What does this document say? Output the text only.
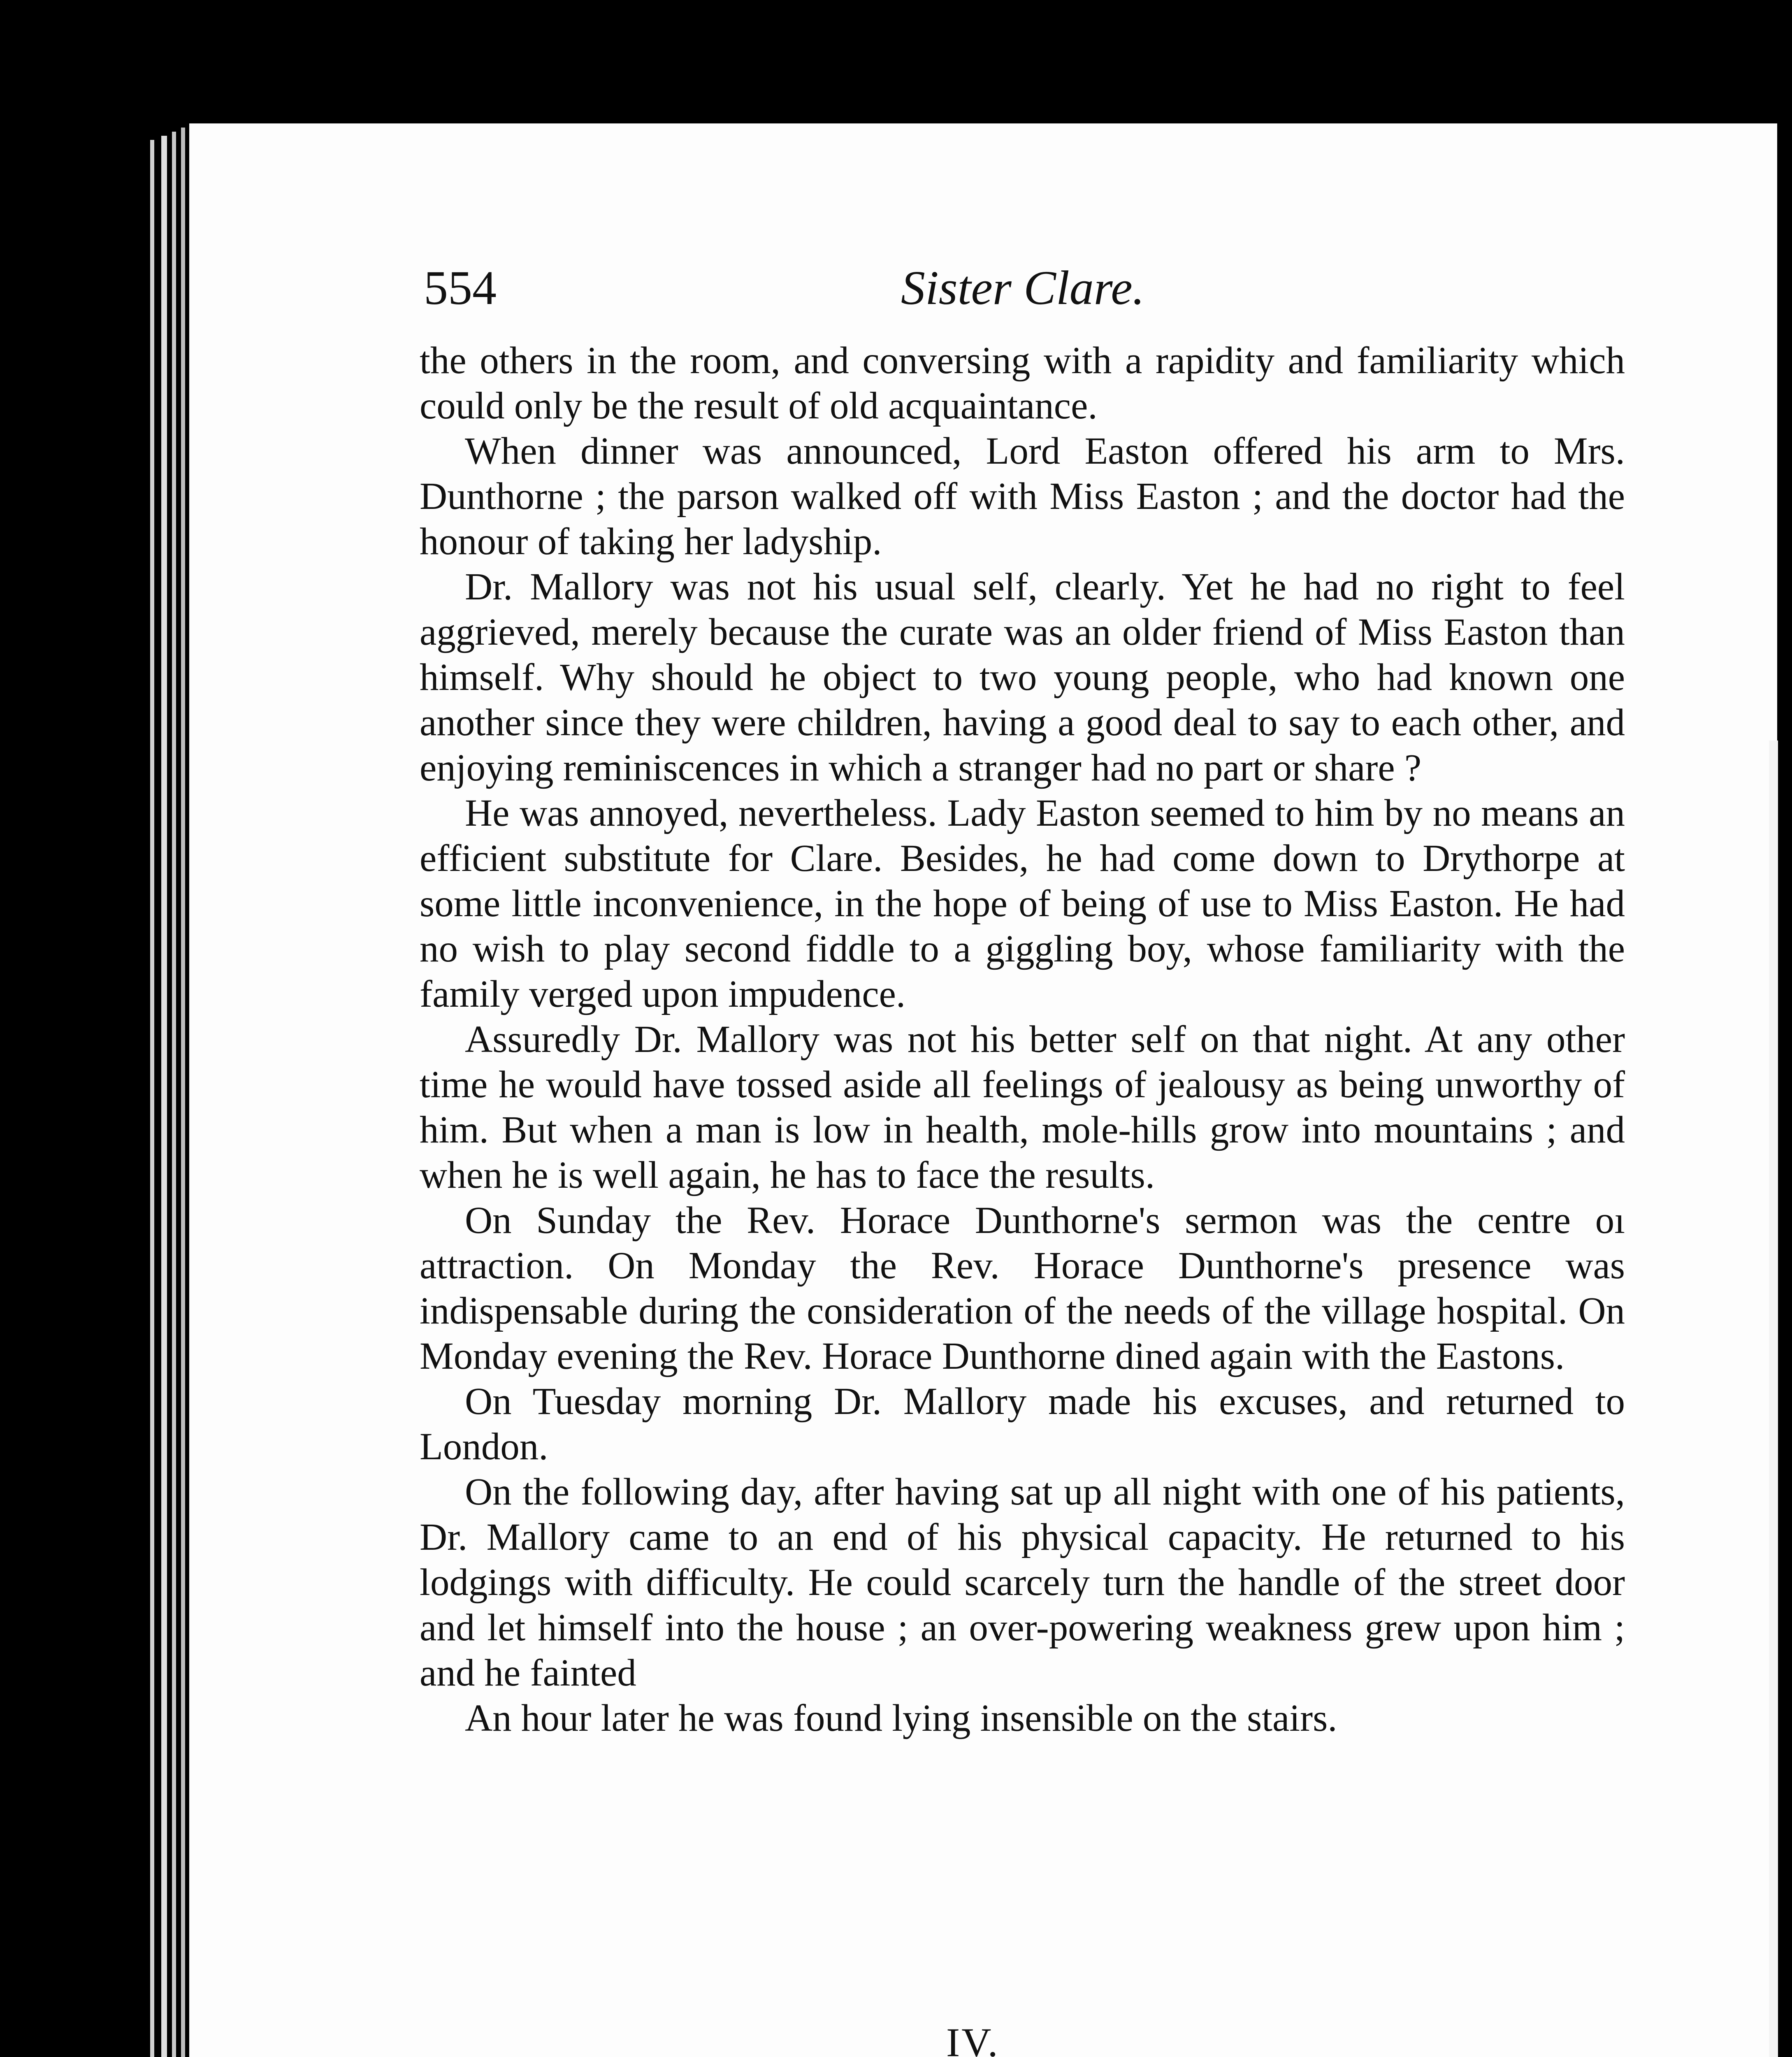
554	Sister Clare.

the others in the room, and conversing with a rapidity and familiarity which could only be the result of old acquaintance.

When dinner was announced, Lord Easton offered his arm to Mrs. Dunthorne ; the parson walked off with Miss Easton ; and the doctor had the honour of taking her ladyship.

Dr. Mallory was not his usual self, clearly. Yet he had no right to feel aggrieved, merely because the curate was an older friend of Miss Easton than himself. Why should he object to two young people, who had known one another since they were children, having a good deal to say to each other, and enjoying reminiscences in which a stranger had no part or share ?

He was annoyed, nevertheless. Lady Easton seemed to him by no means an efficient substitute for Clare. Besides, he had come down to Drythorpe at some little inconvenience, in the hope of being of use to Miss Easton. He had no wish to play second fiddle to a giggling boy, whose familiarity with the family verged upon impudence.

Assuredly Dr. Mallory was not his better self on that night. At any other time he would have tossed aside all feelings of jealousy as being unworthy of him. But when a man is low in health, mole-hills grow into mountains ; and when he is well again, he has to face the results.

On Sunday the Rev. Horace Dunthorne's sermon was the centre oı attraction. On Monday the Rev. Horace Dunthorne's presence was indispensable during the consideration of the needs of the village hospital. On Monday evening the Rev. Horace Dunthorne dined again with the Eastons.

On Tuesday morning Dr. Mallory made his excuses, and returned to London.

On the following day, after having sat up all night with one of his patients, Dr. Mallory came to an end of his physical capacity. He returned to his lodgings with difficulty. He could scarcely turn the handle of the street door and let himself into the house ; an over-powering weakness grew upon him ; and he fainted

An hour later he was found lying insensible on the stairs.

IV.
